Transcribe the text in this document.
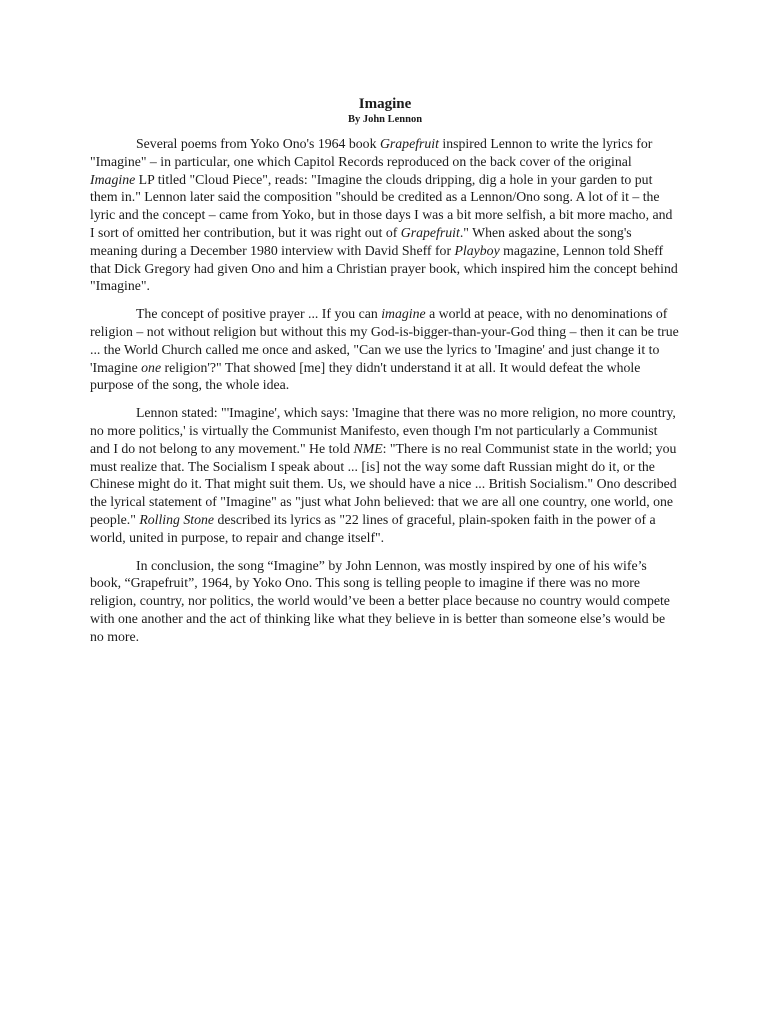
Imagine
By John Lennon

Several poems from Yoko Ono's 1964 book Grapefruit inspired Lennon to write the lyrics for "Imagine" – in particular, one which Capitol Records reproduced on the back cover of the original Imagine LP titled "Cloud Piece", reads: "Imagine the clouds dripping, dig a hole in your garden to put them in." Lennon later said the composition "should be credited as a Lennon/Ono song. A lot of it – the lyric and the concept – came from Yoko, but in those days I was a bit more selfish, a bit more macho, and I sort of omitted her contribution, but it was right out of Grapefruit." When asked about the song's meaning during a December 1980 interview with David Sheff for Playboy magazine, Lennon told Sheff that Dick Gregory had given Ono and him a Christian prayer book, which inspired him the concept behind "Imagine".

The concept of positive prayer ... If you can imagine a world at peace, with no denominations of religion – not without religion but without this my God-is-bigger-than-your-God thing – then it can be true ... the World Church called me once and asked, "Can we use the lyrics to 'Imagine' and just change it to 'Imagine one religion'?" That showed [me] they didn't understand it at all. It would defeat the whole purpose of the song, the whole idea.

Lennon stated: "'Imagine', which says: 'Imagine that there was no more religion, no more country, no more politics,' is virtually the Communist Manifesto, even though I'm not particularly a Communist and I do not belong to any movement." He told NME: "There is no real Communist state in the world; you must realize that. The Socialism I speak about ... [is] not the way some daft Russian might do it, or the Chinese might do it. That might suit them. Us, we should have a nice ... British Socialism." Ono described the lyrical statement of "Imagine" as "just what John believed: that we are all one country, one world, one people." Rolling Stone described its lyrics as "22 lines of graceful, plain-spoken faith in the power of a world, united in purpose, to repair and change itself".

In conclusion, the song “Imagine” by John Lennon, was mostly inspired by one of his wife’s book, “Grapefruit”, 1964, by Yoko Ono. This song is telling people to imagine if there was no more religion, country, nor politics, the world would’ve been a better place because no country would compete with one another and the act of thinking like what they believe in is better than someone else’s would be no more.
